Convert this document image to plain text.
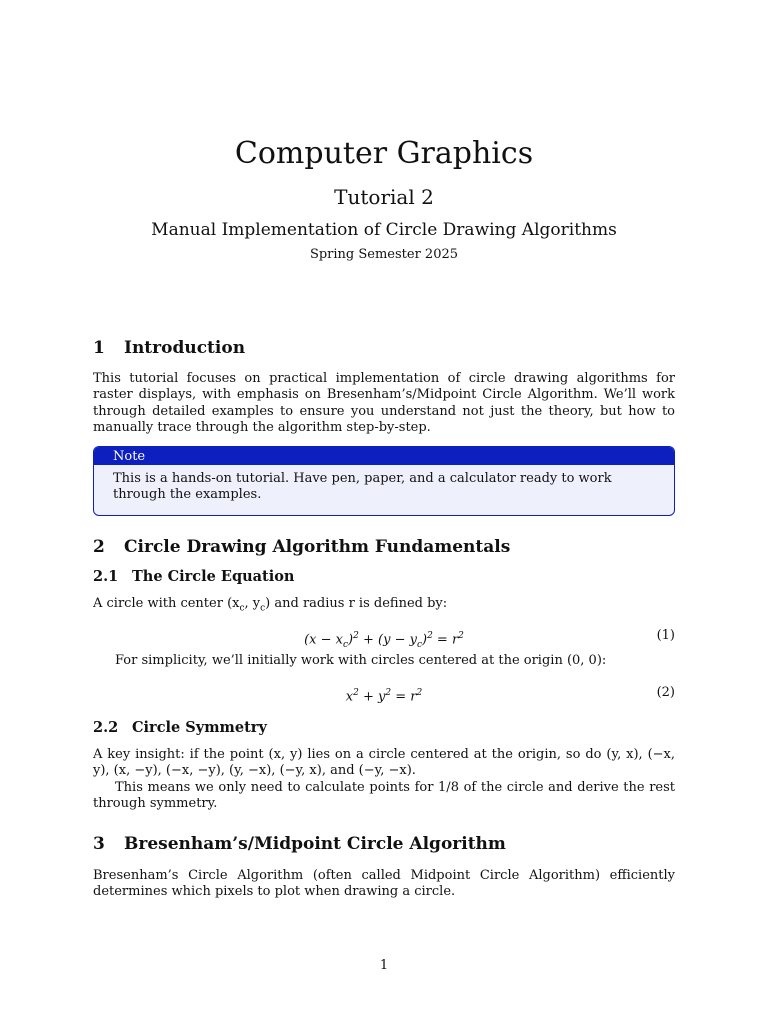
Computer Graphics
Tutorial 2
Manual Implementation of Circle Drawing Algorithms
Spring Semester 2025
1 Introduction
This tutorial focuses on practical implementation of circle drawing algorithms for raster displays, with emphasis on Bresenham’s/Midpoint Circle Algorithm. We’ll work through detailed examples to ensure you understand not just the theory, but how to manually trace through the algorithm step-by-step.
Note
This is a hands-on tutorial. Have pen, paper, and a calculator ready to work through the examples.
2 Circle Drawing Algorithm Fundamentals
2.1 The Circle Equation
A circle with center ($x_c$, $y_c$) and radius r is defined by:
$(x - x_c)^2 + (y - y_c)^2 = r^2$	(1)
For simplicity, we’ll initially work with circles centered at the origin (0, 0):
$x^2 + y^2 = r^2$	(2)
2.2 Circle Symmetry
A key insight: if the point (x, y) lies on a circle centered at the origin, so do (y, x), (−x, y), (x, −y), (−x, −y), (y, −x), (−y, x), and (−y, −x).
This means we only need to calculate points for 1/8 of the circle and derive the rest through symmetry.
3 Bresenham’s/Midpoint Circle Algorithm
Bresenham’s Circle Algorithm (often called Midpoint Circle Algorithm) efficiently determines which pixels to plot when drawing a circle.
1
